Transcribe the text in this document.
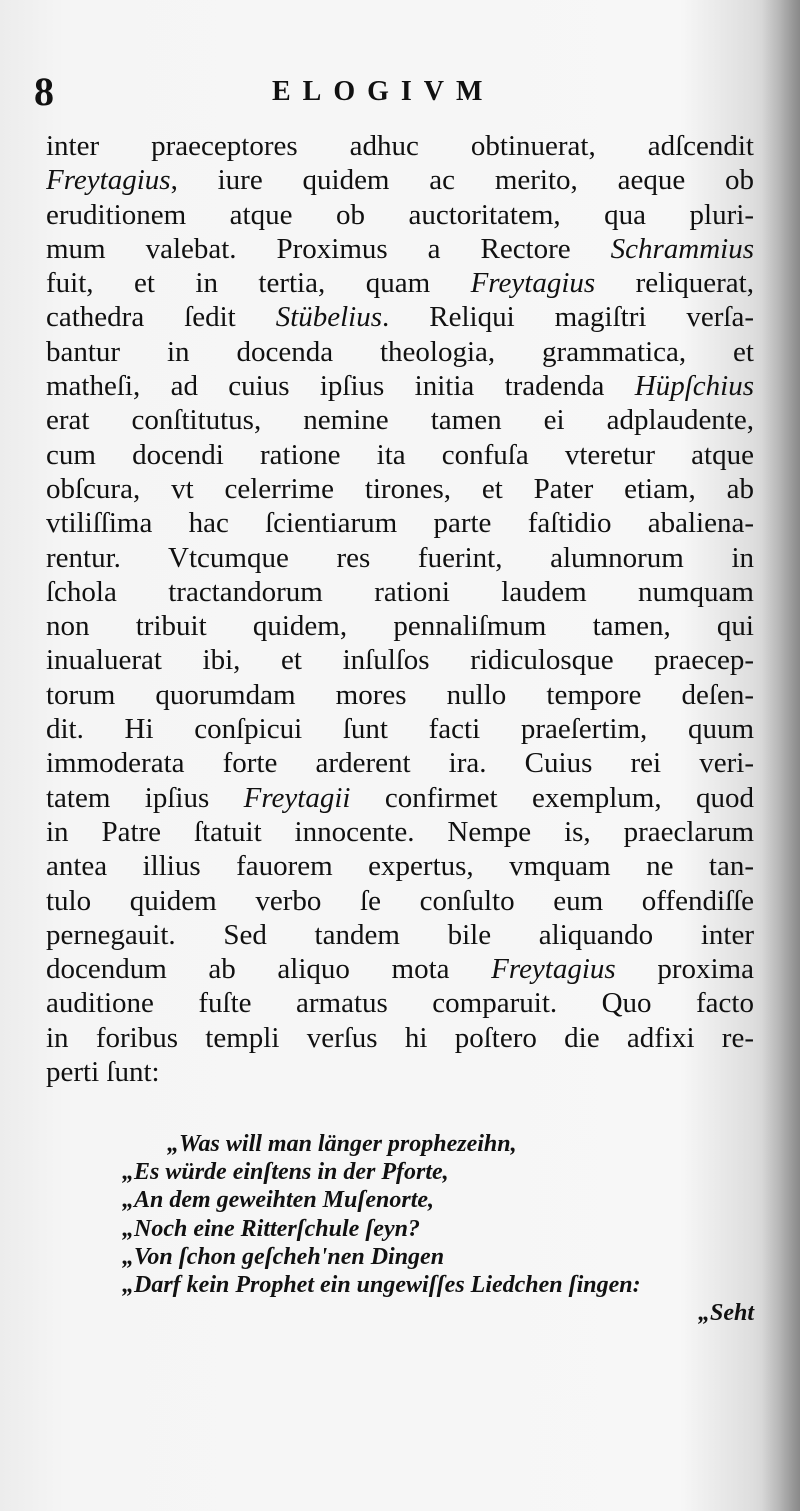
8	ELOGIVM
inter praeceptores adhuc obtinuerat, adſcendit
Freytagius, iure quidem ac merito, aeque ob
eruditionem atque ob auctoritatem, qua pluri-
mum valebat. Proximus a Rectore Schrammius
fuit, et in tertia, quam Freytagius reliquerat,
cathedra ſedit Stübelius. Reliqui magiſtri verſa-
bantur in docenda theologia, grammatica, et
matheſi, ad cuius ipſius initia tradenda Hüpſchius
erat conſtitutus, nemine tamen ei adplaudente,
cum docendi ratione ita confuſa vteretur atque
obſcura, vt celerrime tirones, et Pater etiam, ab
vtiliſſima hac ſcientiarum parte faſtidio abaliena-
rentur. Vtcumque res fuerint, alumnorum in
ſchola tractandorum rationi laudem numquam
non tribuit quidem, pennaliſmum tamen, qui
inualuerat ibi, et inſulſos ridiculosque praecep-
torum quorumdam mores nullo tempore deſen-
dit. Hi conſpicui ſunt facti praeſertim, quum
immoderata forte arderent ira. Cuius rei veri-
tatem ipſius Freytagii confirmet exemplum, quod
in Patre ſtatuit innocente. Nempe is, praeclarum
antea illius fauorem expertus, vmquam ne tan-
tulo quidem verbo ſe conſulto eum offendiſſe
pernegauit. Sed tandem bile aliquando inter
docendum ab aliquo mota Freytagius proxima
auditione fuſte armatus comparuit. Quo facto
in foribus templi verſus hi poſtero die adfixi re-
perti ſunt:
„Was will man länger prophezeihn,
„Es würde einſtens in der Pforte,
„An dem geweihten Muſenorte,
„Noch eine Ritterſchule ſeyn?
„Von ſchon geſcheh'nen Dingen
„Darf kein Prophet ein ungewiſſes Liedchen ſingen:
„Seht
